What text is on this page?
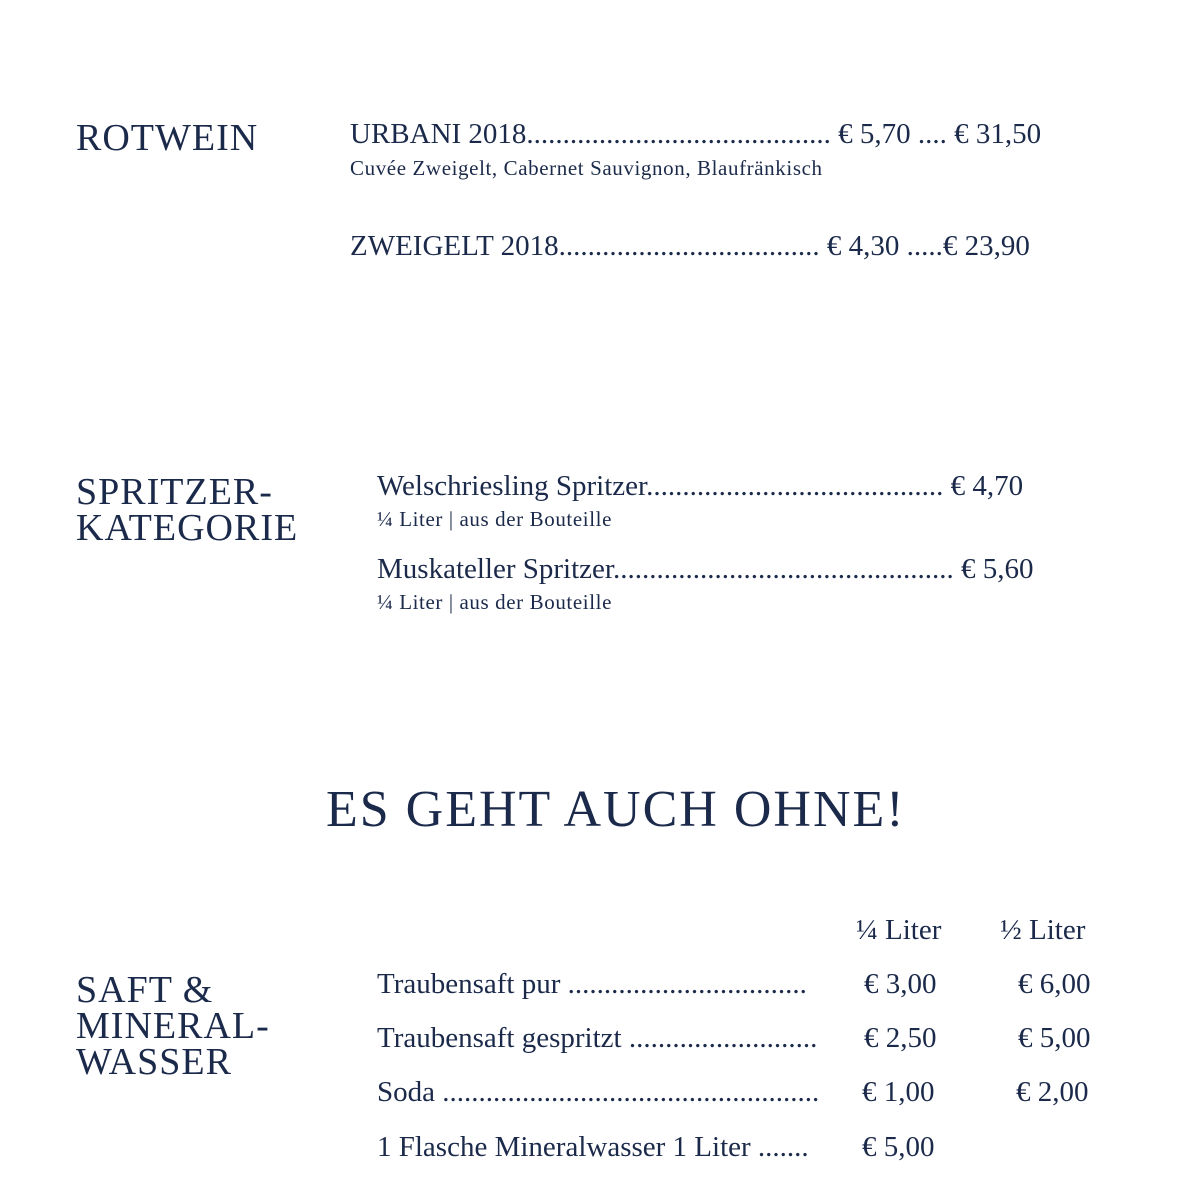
ROTWEIN	URBANI 2018.......................................... € 5,70 .... € 31,50
Cuvée Zweigelt, Cabernet Sauvignon, Blaufränkisch
ZWEIGELT 2018.................................... € 4,30 .....€ 23,90
SPRITZER-
KATEGORIE
Welschriesling Spritzer......................................... € 4,70
¼ Liter | aus der Bouteille
Muskateller Spritzer............................................... € 5,60
¼ Liter | aus der Bouteille
ES GEHT AUCH OHNE!
¼ Liter ½ Liter
SAFT &
MINERAL-
WASSER
Traubensaft pur ................................. € 3,00	€ 6,00
Traubensaft gespritzt .......................... € 2,50	€ 5,00
Soda .................................................... € 1,00	€ 2,00
1 Flasche Mineralwasser 1 Liter ....... € 5,00
